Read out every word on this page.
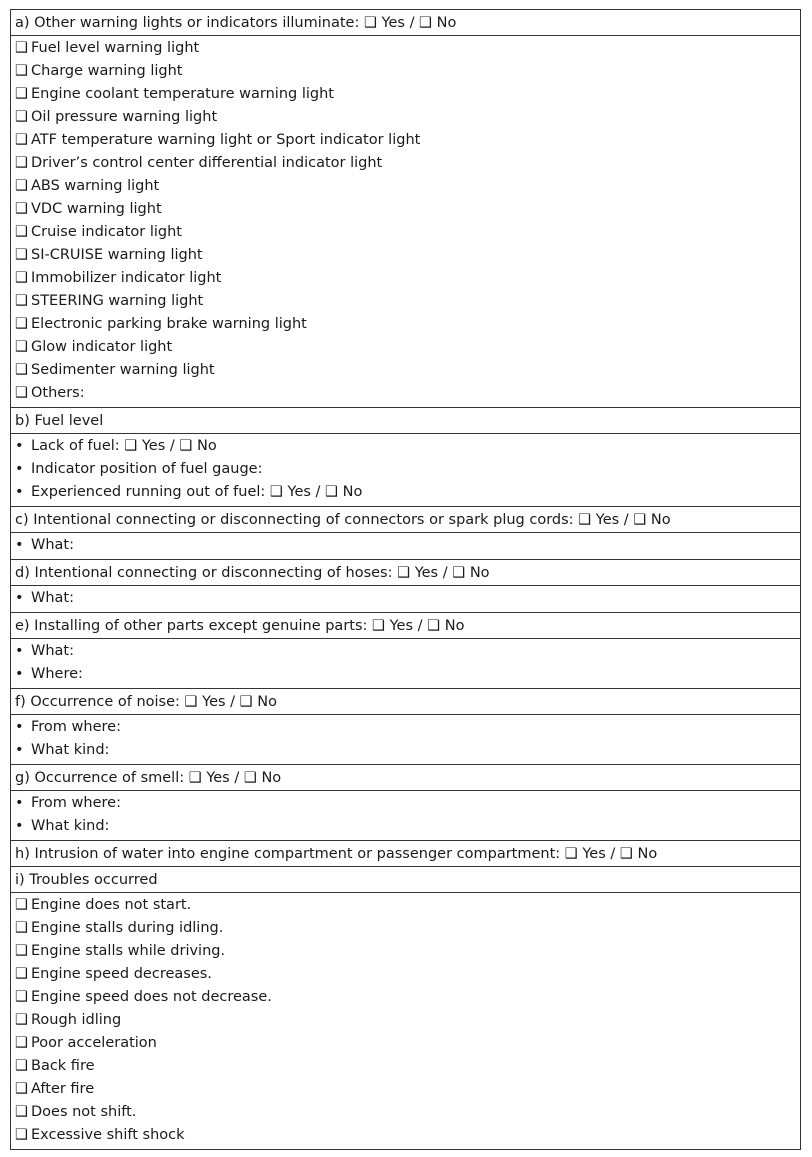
a) Other warning lights or indicators illuminate: ❑ Yes / ❑ No
❑ Fuel level warning light
❑ Charge warning light
❑ Engine coolant temperature warning light
❑ Oil pressure warning light
❑ ATF temperature warning light or Sport indicator light
❑ Driver’s control center differential indicator light
❑ ABS warning light
❑ VDC warning light
❑ Cruise indicator light
❑ SI-CRUISE warning light
❑ Immobilizer indicator light
❑ STEERING warning light
❑ Electronic parking brake warning light
❑ Glow indicator light
❑ Sedimenter warning light
❑ Others:
b) Fuel level
• Lack of fuel: ❑ Yes / ❑ No
• Indicator position of fuel gauge:
• Experienced running out of fuel: ❑ Yes / ❑ No
c) Intentional connecting or disconnecting of connectors or spark plug cords: ❑ Yes / ❑ No
• What:
d) Intentional connecting or disconnecting of hoses: ❑ Yes / ❑ No
• What:
e) Installing of other parts except genuine parts: ❑ Yes / ❑ No
• What:
• Where:
f) Occurrence of noise: ❑ Yes / ❑ No
• From where:
• What kind:
g) Occurrence of smell: ❑ Yes / ❑ No
• From where:
• What kind:
h) Intrusion of water into engine compartment or passenger compartment: ❑ Yes / ❑ No
i) Troubles occurred
❑ Engine does not start.
❑ Engine stalls during idling.
❑ Engine stalls while driving.
❑ Engine speed decreases.
❑ Engine speed does not decrease.
❑ Rough idling
❑ Poor acceleration
❑ Back fire
❑ After fire
❑ Does not shift.
❑ Excessive shift shock
